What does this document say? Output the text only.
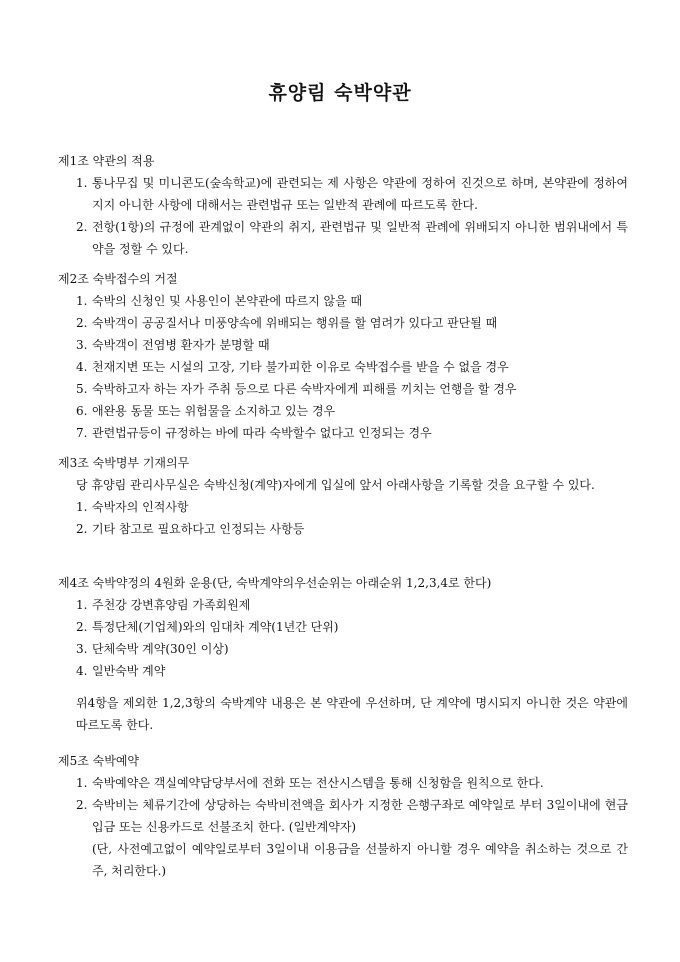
휴양림 숙박약관
제1조 약관의 적용
1. 통나무집 및 미니콘도(숲속학교)에 관련되는 제 사항은 약관에 정하여 진것으로 하며, 본약관에 정하여지지 아니한 사항에 대해서는 관련법규 또는 일반적 관례에 따르도록 한다.
2. 전항(1항)의 규정에 관계없이 약관의 취지, 관련법규 및 일반적 관례에 위배되지 아니한 범위내에서 특약을 정할 수 있다.
제2조 숙박접수의 거절
1. 숙박의 신청인 및 사용인이 본약관에 따르지 않을 때
2. 숙박객이 공공질서나 미풍양속에 위배되는 행위를 할 염려가 있다고 판단될 때
3. 숙박객이 전염병 환자가 분명할 때
4. 천재지변 또는 시설의 고장, 기타 불가피한 이유로 숙박접수를 받을 수 없을 경우
5. 숙박하고자 하는 자가 주취 등으로 다른 숙박자에게 피해를 끼치는 언행을 할 경우
6. 애완용 동물 또는 위험물을 소지하고 있는 경우
7. 관련법규등이 규정하는 바에 따라 숙박할수 없다고 인정되는 경우
제3조 숙박명부 기재의무
당 휴양림 관리사무실은 숙박신청(계약)자에게 입실에 앞서 아래사항을 기록할 것을 요구할 수 있다.
1. 숙박자의 인적사항
2. 기타 참고로 필요하다고 인정되는 사항등
제4조 숙박약정의 4원화 운용(단, 숙박계약의우선순위는 아래순위 1,2,3,4로 한다)
1. 주천강 강변휴양림 가족회원제
2. 특정단체(기업체)와의 임대차 계약(1년간 단위)
3. 단체숙박 계약(30인 이상)
4. 일반숙박 계약
위4항을 제외한 1,2,3항의 숙박계약 내용은 본 약관에 우선하며, 단 계약에 명시되지 아니한 것은 약관에 따르도록 한다.
제5조 숙박예약
1. 숙박예약은 객실예약담당부서에 전화 또는 전산시스템을 통해 신청함을 원칙으로 한다.
2. 숙박비는 체류기간에 상당하는 숙박비전액을 회사가 지정한 은행구좌로 예약일로 부터 3일이내에 현금 입금 또는 신용카드로 선불조치 한다. (일반계약자)
(단, 사전예고없이 예약일로부터 3일이내 이용금을 선불하지 아니할 경우 예약을 취소하는 것으로 간주, 처리한다.)
